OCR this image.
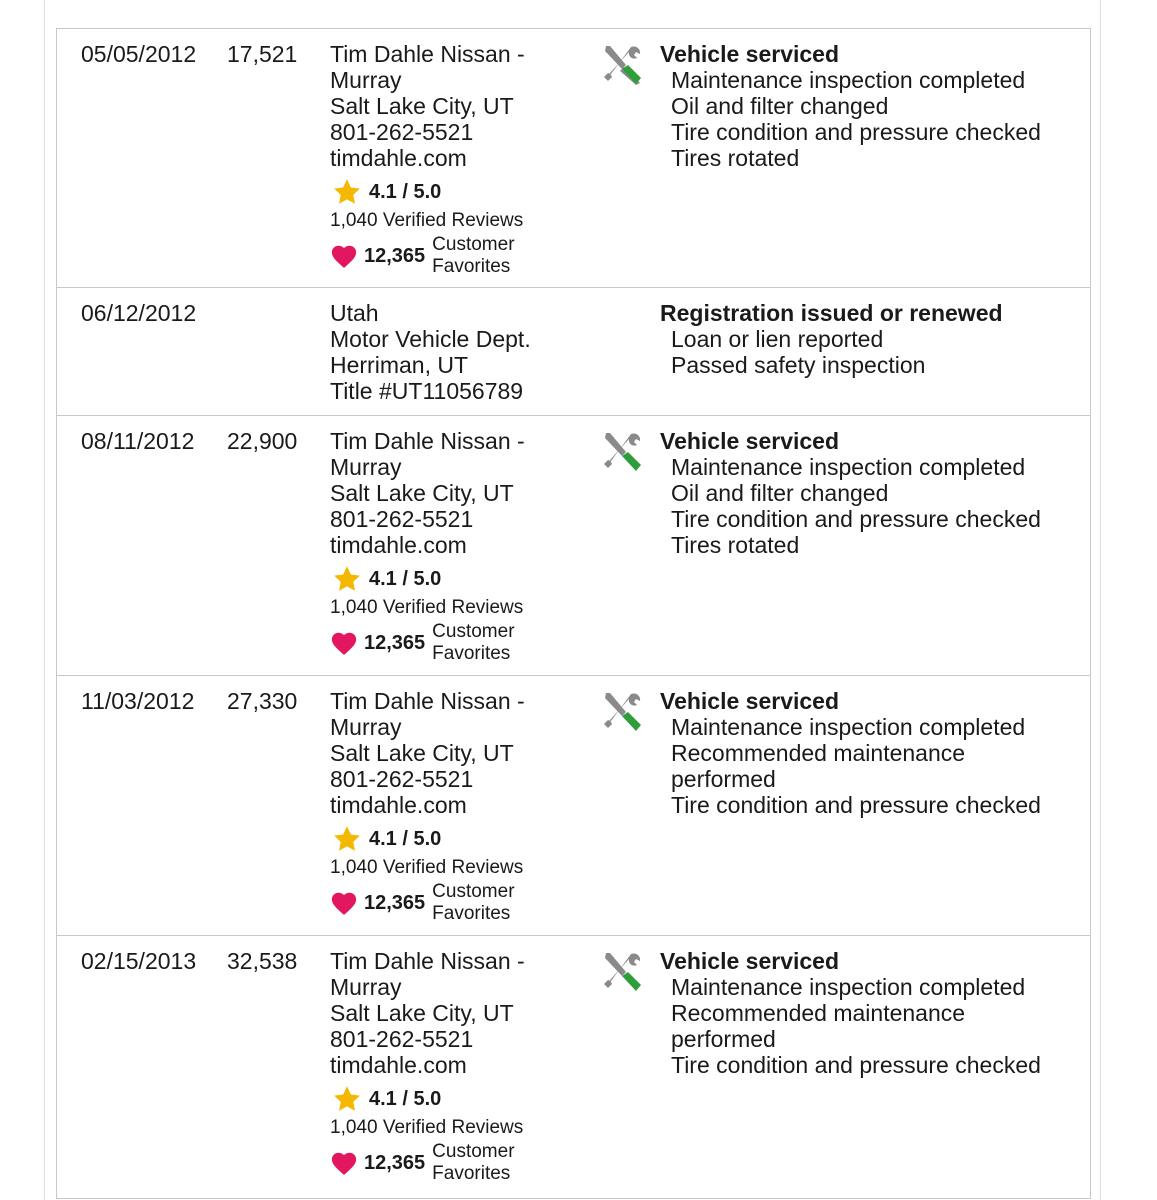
05/05/2012 17,521 Tim Dahle Nissan -
Murray
Salt Lake City, UT
801-262-5521
timdahle.com
4.1 / 5.0
1,040 Verified Reviews
12,365
Customer
Favorites
Vehicle serviced
Maintenance inspection completed
Oil and filter changed
Tire condition and pressure checked
Tires rotated
06/12/2012	Utah
Motor Vehicle Dept.
Herriman, UT
Title #UT11056789
Registration issued or renewed
Loan or lien reported
Passed safety inspection
08/11/2012 22,900 Tim Dahle Nissan -
Murray
Salt Lake City, UT
801-262-5521
timdahle.com
4.1 / 5.0
1,040 Verified Reviews
12,365
Customer
Favorites
Vehicle serviced
Maintenance inspection completed
Oil and filter changed
Tire condition and pressure checked
Tires rotated
11/03/2012 27,330 Tim Dahle Nissan -
Murray
Salt Lake City, UT
801-262-5521
timdahle.com
4.1 / 5.0
1,040 Verified Reviews
12,365
Customer
Favorites
Vehicle serviced
Maintenance inspection completed
Recommended maintenance
performed
Tire condition and pressure checked
02/15/2013 32,538 Tim Dahle Nissan -
Murray
Salt Lake City, UT
801-262-5521
timdahle.com
4.1 / 5.0
1,040 Verified Reviews
12,365
Customer
Favorites
Vehicle serviced
Maintenance inspection completed
Recommended maintenance
performed
Tire condition and pressure checked
